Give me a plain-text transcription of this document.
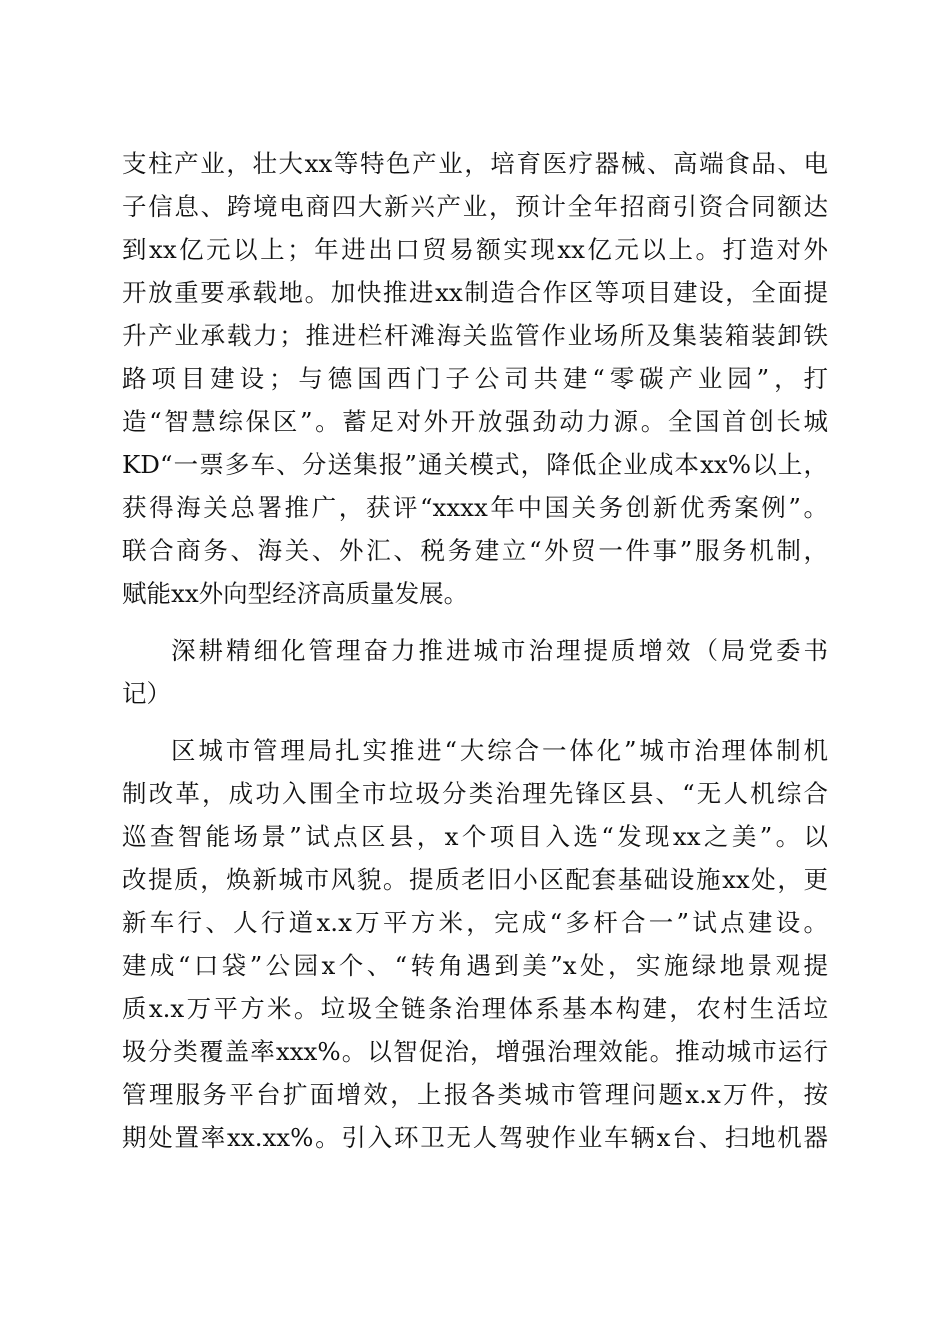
支柱产业，壮大xx等特色产业，培育医疗器械、高端食品、电
子信息、跨境电商四大新兴产业，预计全年招商引资合同额达
到xx亿元以上；年进出口贸易额实现xx亿元以上。打造对外
开放重要承载地。加快推进xx制造合作区等项目建设，全面提
升产业承载力；推进栏杆滩海关监管作业场所及集装箱装卸铁
路项目建设；与德国西门子公司共建“零碳产业园”，打
造“智慧综保区”。蓄足对外开放强劲动力源。全国首创长城
KD“一票多车、分送集报”通关模式，降低企业成本xx%以上，
获得海关总署推广，获评“xxxx年中国关务创新优秀案例”。
联合商务、海关、外汇、税务建立“外贸一件事”服务机制，
赋能xx外向型经济高质量发展。
深耕精细化管理奋力推进城市治理提质增效（局党委书
记）
区城市管理局扎实推进“大综合一体化”城市治理体制机
制改革，成功入围全市垃圾分类治理先锋区县、“无人机综合
巡查智能场景”试点区县，x个项目入选“发现xx之美”。以
改提质，焕新城市风貌。提质老旧小区配套基础设施xx处，更
新车行、人行道x.x万平方米，完成“多杆合一”试点建设。
建成“口袋”公园x个、“转角遇到美”x处，实施绿地景观提
质x.x万平方米。垃圾全链条治理体系基本构建，农村生活垃
圾分类覆盖率xxx%。以智促治，增强治理效能。推动城市运行
管理服务平台扩面增效，上报各类城市管理问题x.x万件，按
期处置率xx.xx%。引入环卫无人驾驶作业车辆x台、扫地机器
